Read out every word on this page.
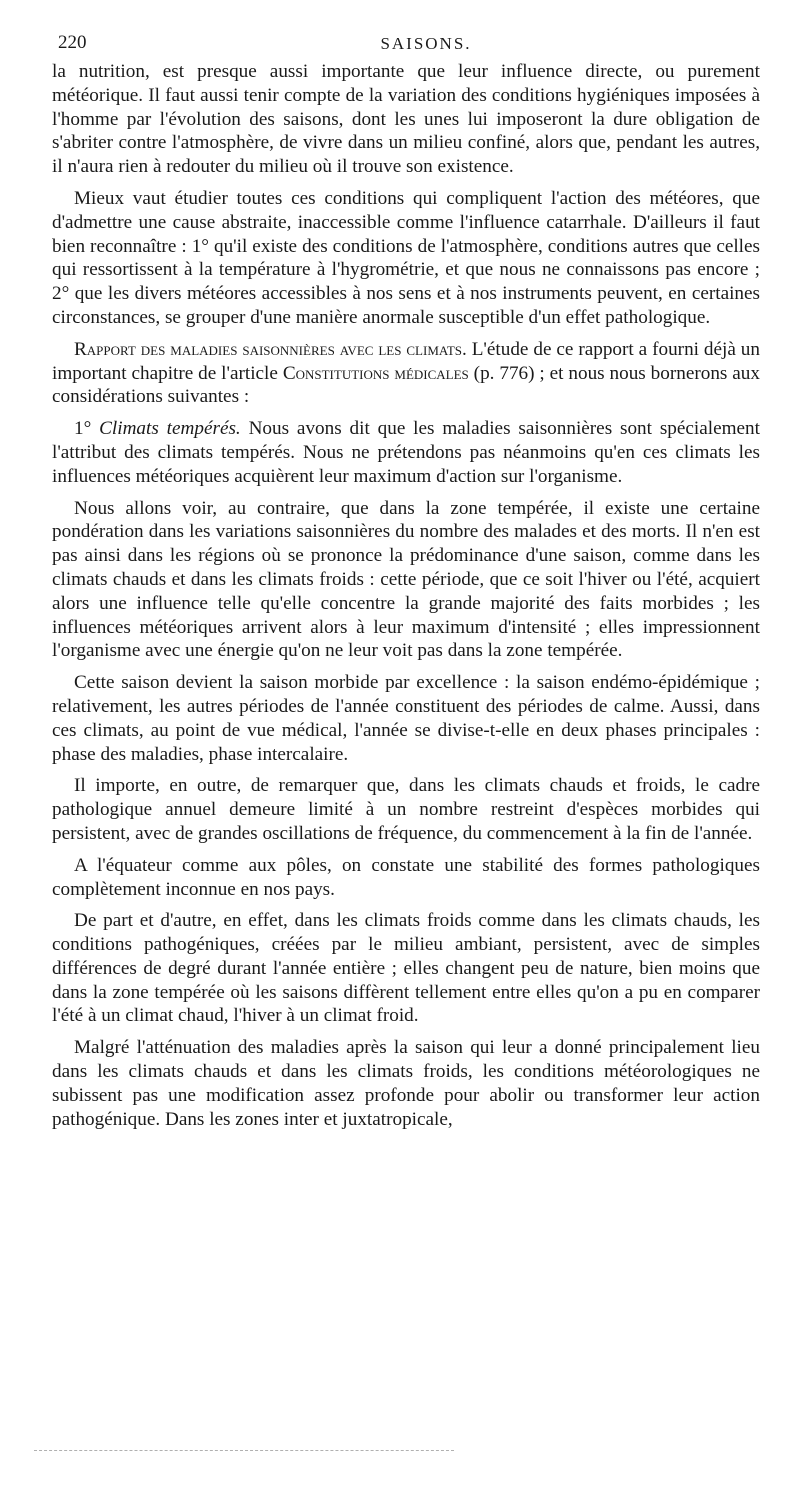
220	SAISONS.

la nutrition, est presque aussi importante que leur influence directe, ou purement météorique. Il faut aussi tenir compte de la variation des conditions hygiéniques imposées à l'homme par l'évolution des saisons, dont les unes lui imposeront la dure obligation de s'abriter contre l'atmosphère, de vivre dans un milieu confiné, alors que, pendant les autres, il n'aura rien à redouter du milieu où il trouve son existence.

Mieux vaut étudier toutes ces conditions qui compliquent l'action des météores, que d'admettre une cause abstraite, inaccessible comme l'influence catarrhale. D'ailleurs il faut bien reconnaître : 1° qu'il existe des conditions de l'atmosphère, conditions autres que celles qui ressortissent à la température à l'hygrométrie, et que nous ne connaissons pas encore ; 2° que les divers météores accessibles à nos sens et à nos instruments peuvent, en certaines circonstances, se grouper d'une manière anormale susceptible d'un effet pathologique.

Rapport des maladies saisonnières avec les climats. L'étude de ce rapport a fourni déjà un important chapitre de l'article Constitutions médicales (p. 776) ; et nous nous bornerons aux considérations suivantes :

1° Climats tempérés. Nous avons dit que les maladies saisonnières sont spécialement l'attribut des climats tempérés. Nous ne prétendons pas néanmoins qu'en ces climats les influences météoriques acquièrent leur maximum d'action sur l'organisme.

Nous allons voir, au contraire, que dans la zone tempérée, il existe une certaine pondération dans les variations saisonnières du nombre des malades et des morts. Il n'en est pas ainsi dans les régions où se prononce la prédominance d'une saison, comme dans les climats chauds et dans les climats froids : cette période, que ce soit l'hiver ou l'été, acquiert alors une influence telle qu'elle concentre la grande majorité des faits morbides ; les influences météoriques arrivent alors à leur maximum d'intensité ; elles impressionnent l'organisme avec une énergie qu'on ne leur voit pas dans la zone tempérée.

Cette saison devient la saison morbide par excellence : la saison endémo-épidémique ; relativement, les autres périodes de l'année constituent des périodes de calme. Aussi, dans ces climats, au point de vue médical, l'année se divise-t-elle en deux phases principales : phase des maladies, phase intercalaire.

Il importe, en outre, de remarquer que, dans les climats chauds et froids, le cadre pathologique annuel demeure limité à un nombre restreint d'espèces morbides qui persistent, avec de grandes oscillations de fréquence, du commencement à la fin de l'année.

A l'équateur comme aux pôles, on constate une stabilité des formes pathologiques complètement inconnue en nos pays.

De part et d'autre, en effet, dans les climats froids comme dans les climats chauds, les conditions pathogéniques, créées par le milieu ambiant, persistent, avec de simples différences de degré durant l'année entière ; elles changent peu de nature, bien moins que dans la zone tempérée où les saisons diffèrent tellement entre elles qu'on a pu en comparer l'été à un climat chaud, l'hiver à un climat froid.

Malgré l'atténuation des maladies après la saison qui leur a donné principalement lieu dans les climats chauds et dans les climats froids, les conditions météorologiques ne subissent pas une modification assez profonde pour abolir ou transformer leur action pathogénique. Dans les zones inter et juxtatropicale,
